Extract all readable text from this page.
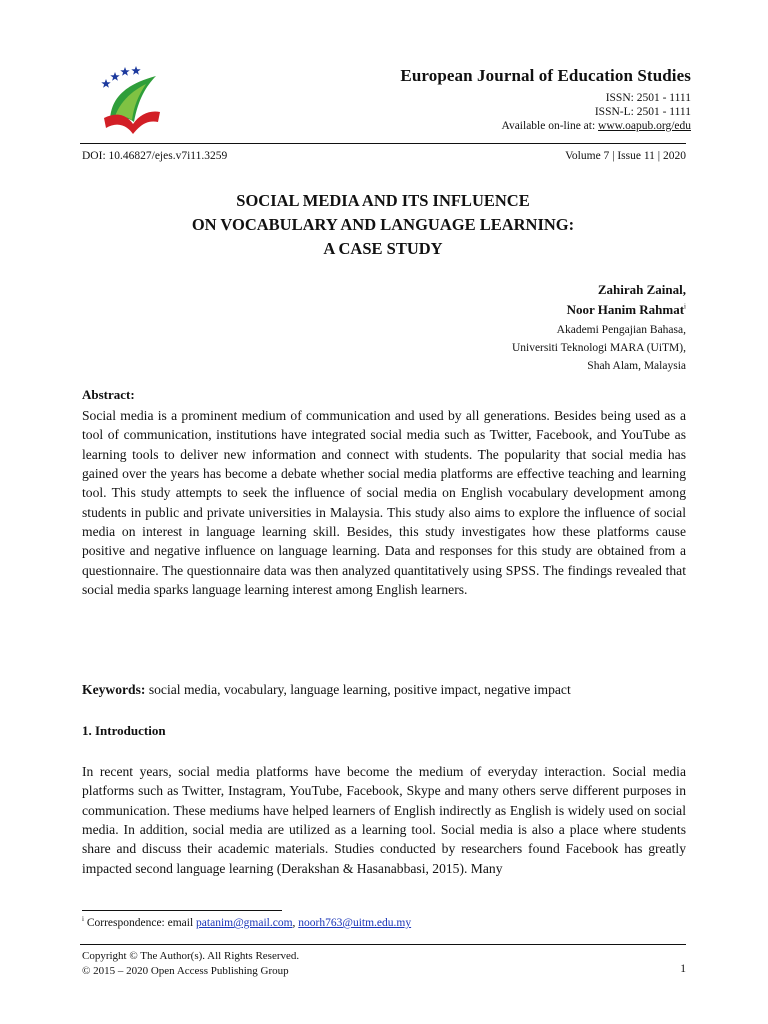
European Journal of Education Studies
ISSN: 2501 - 1111
ISSN-L: 2501 - 1111
Available on-line at: www.oapub.org/edu
DOI: 10.46827/ejes.v7i11.3259	Volume 7 | Issue 11 | 2020
SOCIAL MEDIA AND ITS INFLUENCE
ON VOCABULARY AND LANGUAGE LEARNING:
A CASE STUDY
Zahirah Zainal,
Noor Hanim Rahmat$^i$
Akademi Pengajian Bahasa,
Universiti Teknologi MARA (UiTM),
Shah Alam, Malaysia
Abstract:
Social media is a prominent medium of communication and used by all generations. Besides being used as a tool of communication, institutions have integrated social media such as Twitter, Facebook, and YouTube as learning tools to deliver new information and connect with students. The popularity that social media has gained over the years has become a debate whether social media platforms are effective teaching and learning tool. This study attempts to seek the influence of social media on English vocabulary development among students in public and private universities in Malaysia. This study also aims to explore the influence of social media on interest in language learning skill. Besides, this study investigates how these platforms cause positive and negative influence on language learning. Data and responses for this study are obtained from a questionnaire. The questionnaire data was then analyzed quantitatively using SPSS. The findings revealed that social media sparks language learning interest among English learners.
Keywords: social media, vocabulary, language learning, positive impact, negative impact
1. Introduction
In recent years, social media platforms have become the medium of everyday interaction. Social media platforms such as Twitter, Instagram, YouTube, Facebook, Skype and many others serve different purposes in communication. These mediums have helped learners of English indirectly as English is widely used on social media. In addition, social media are utilized as a learning tool. Social media is also a place where students share and discuss their academic materials. Studies conducted by researchers found Facebook has greatly impacted second language learning (Derakshan & Hasanabbasi, 2015). Many
$^i$ Correspondence: email patanim@gmail.com, noorh763@uitm.edu.my
Copyright © The Author(s). All Rights Reserved.
© 2015 – 2020 Open Access Publishing Group	1
